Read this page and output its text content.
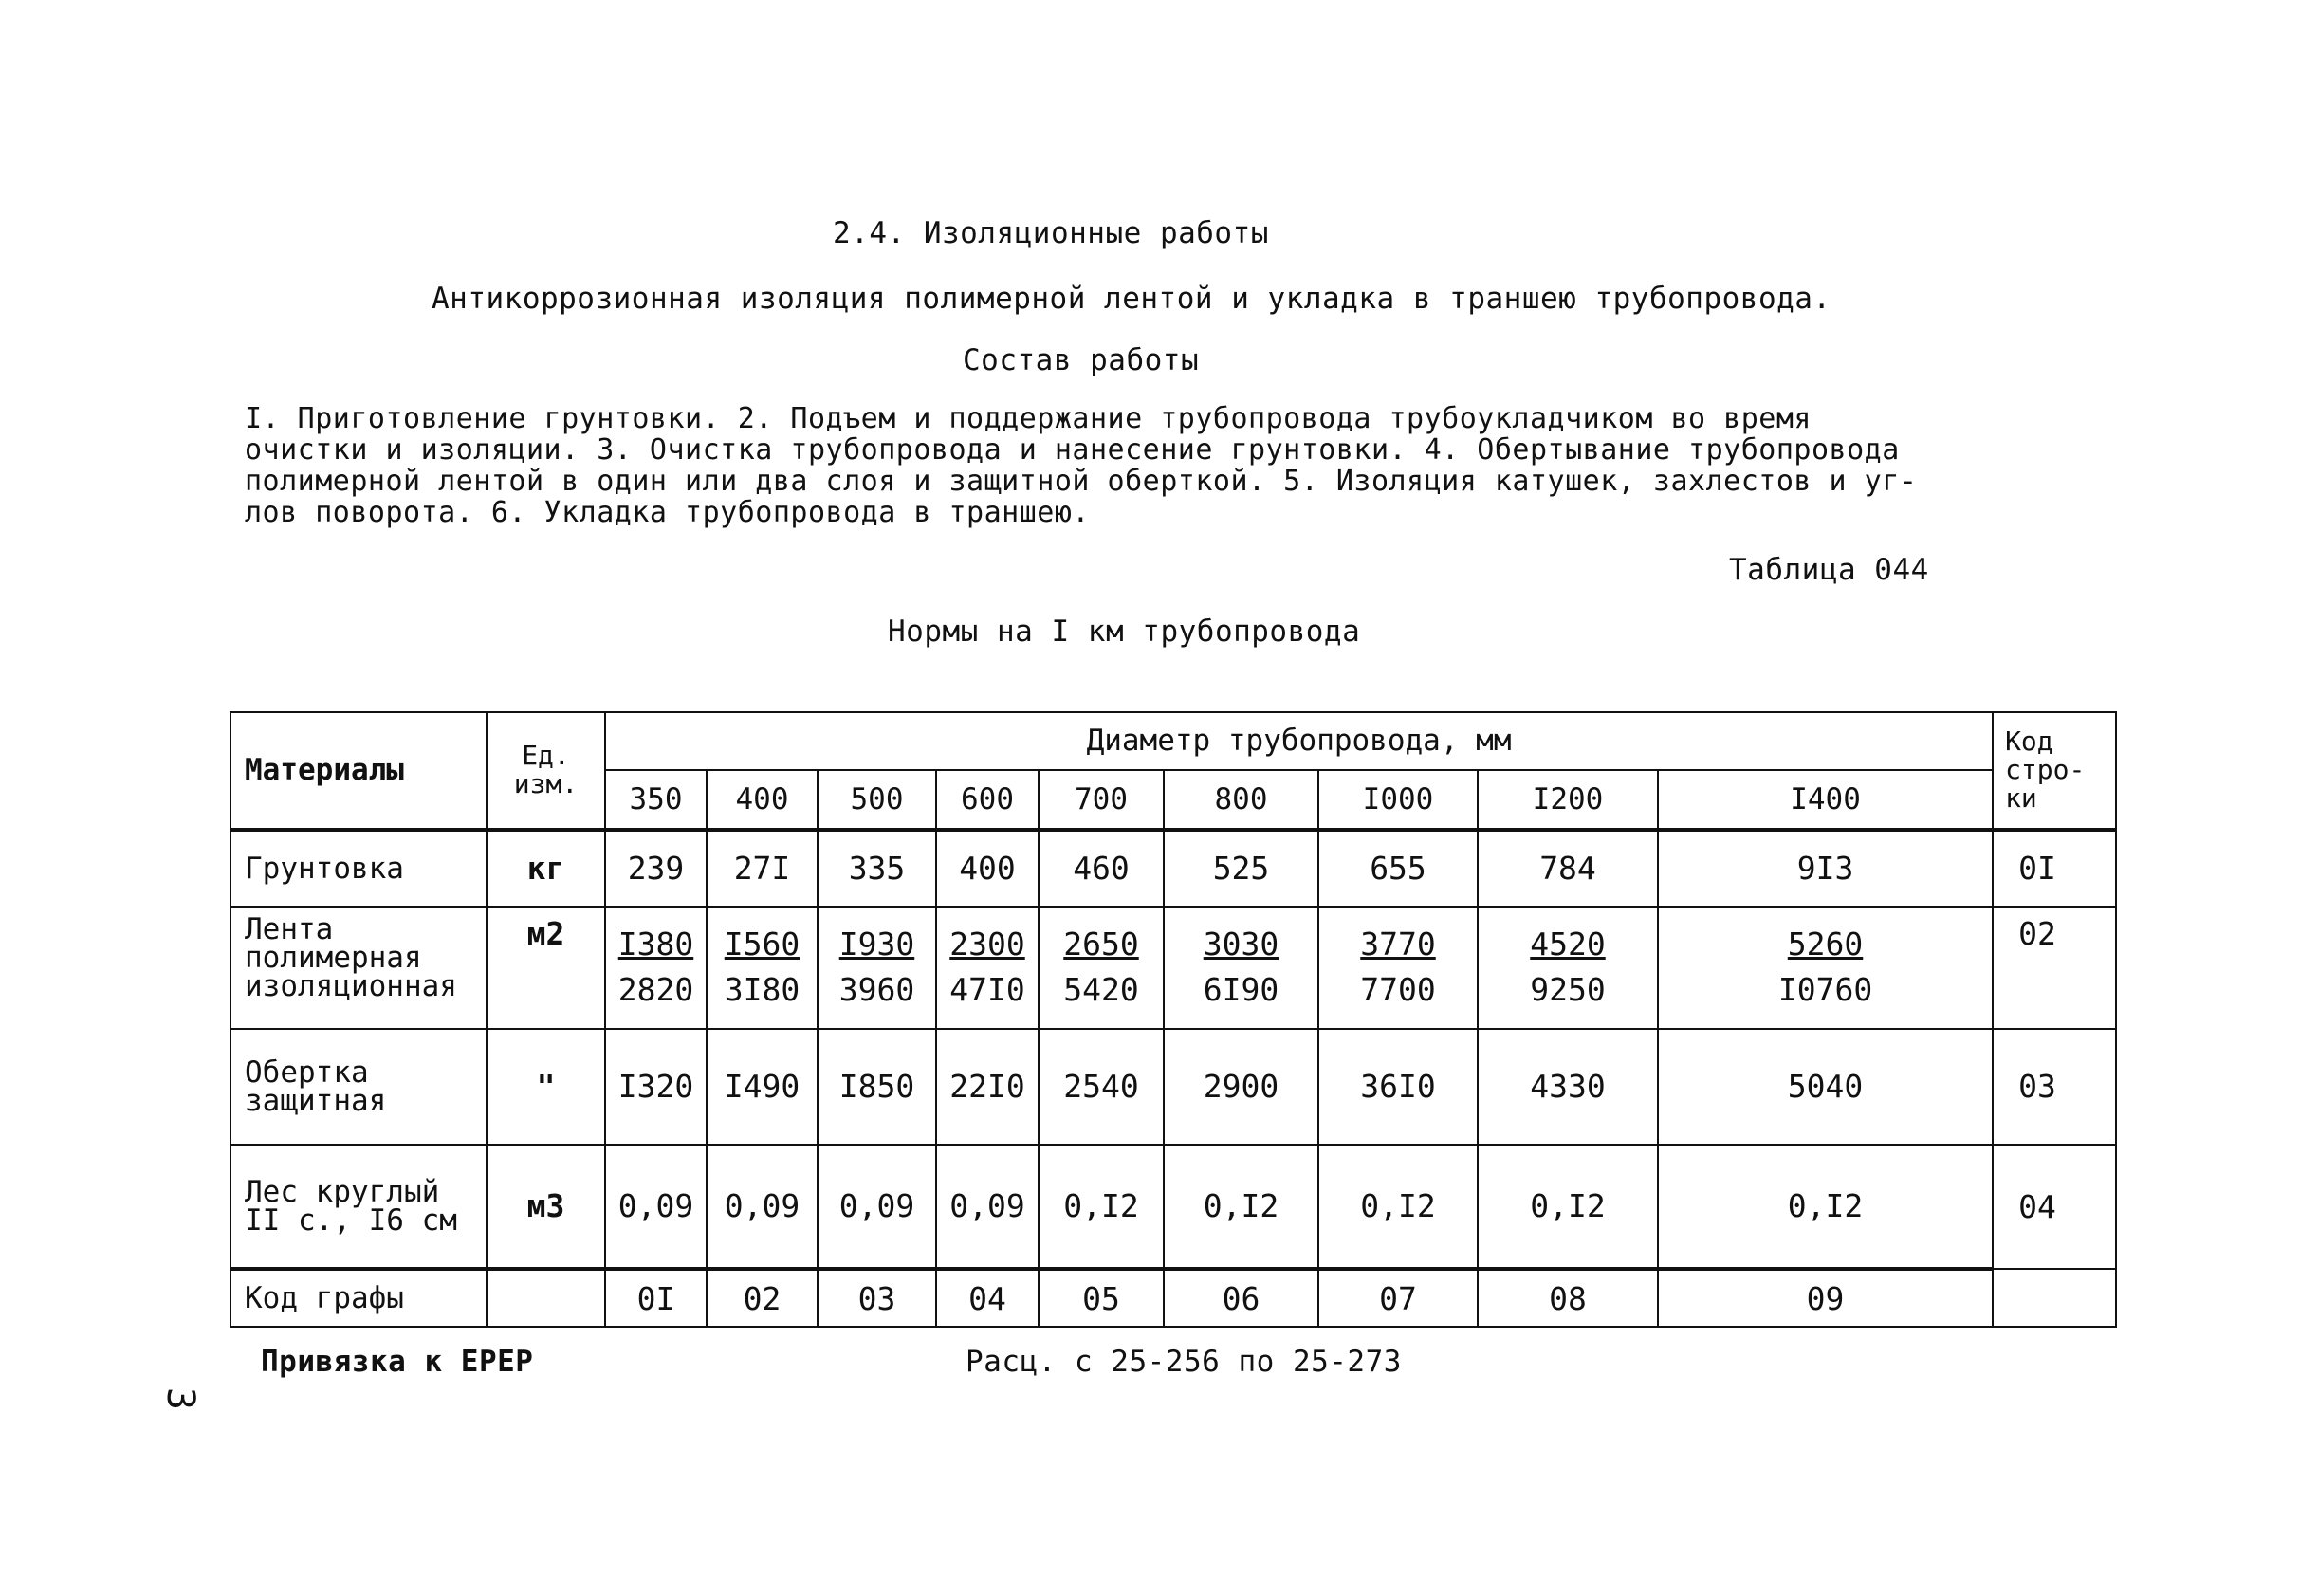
2.4. Изоляционные работы
Антикоррозионная изоляция полимерной лентой и укладка в траншею трубопровода.
Состав работы
I. Приготовление грунтовки. 2. Подъем и поддержание трубопровода трубоукладчиком во время
очистки и изоляции. 3. Очистка трубопровода и нанесение грунтовки. 4. Обертывание трубопровода
полимерной лентой в один или два слоя и защитной оберткой. 5. Изоляция катушек, захлестов и уг-
лов поворота. 6. Укладка трубопровода в траншею.
Таблица 044
Нормы на I км трубопровода
Материалы	Ед. изм.	Диаметр трубопровода, мм									Код стро-ки
		350	400	500	600	700	800	I000	I200	I400	
Грунтовка	кг	239	27I	335	400	460	525	655	784	9I3	0I
Лента полимерная изоляционная	м2	$\frac{I380}{2820}$	$\frac{I560}{3I80}$	$\frac{I930}{3960}$	$\frac{2300}{47I0}$	$\frac{2650}{5420}$	$\frac{3030}{6I90}$	$\frac{3770}{7700}$	$\frac{4520}{9250}$	$\frac{5260}{I0760}$	02
Обертка защитная	"	I320	I490	I850	22I0	2540	2900	36I0	4330	5040	03
Лес круглый II с., I6 см	м3	0,09	0,09	0,09	0,09	0,I2	0,I2	0,I2	0,I2	0,I2	04
Код графы		0I	02	03	04	05	06	07	08	09	
Привязка к ЕРЕР	Расц. с 25-256 по 25-273
3
